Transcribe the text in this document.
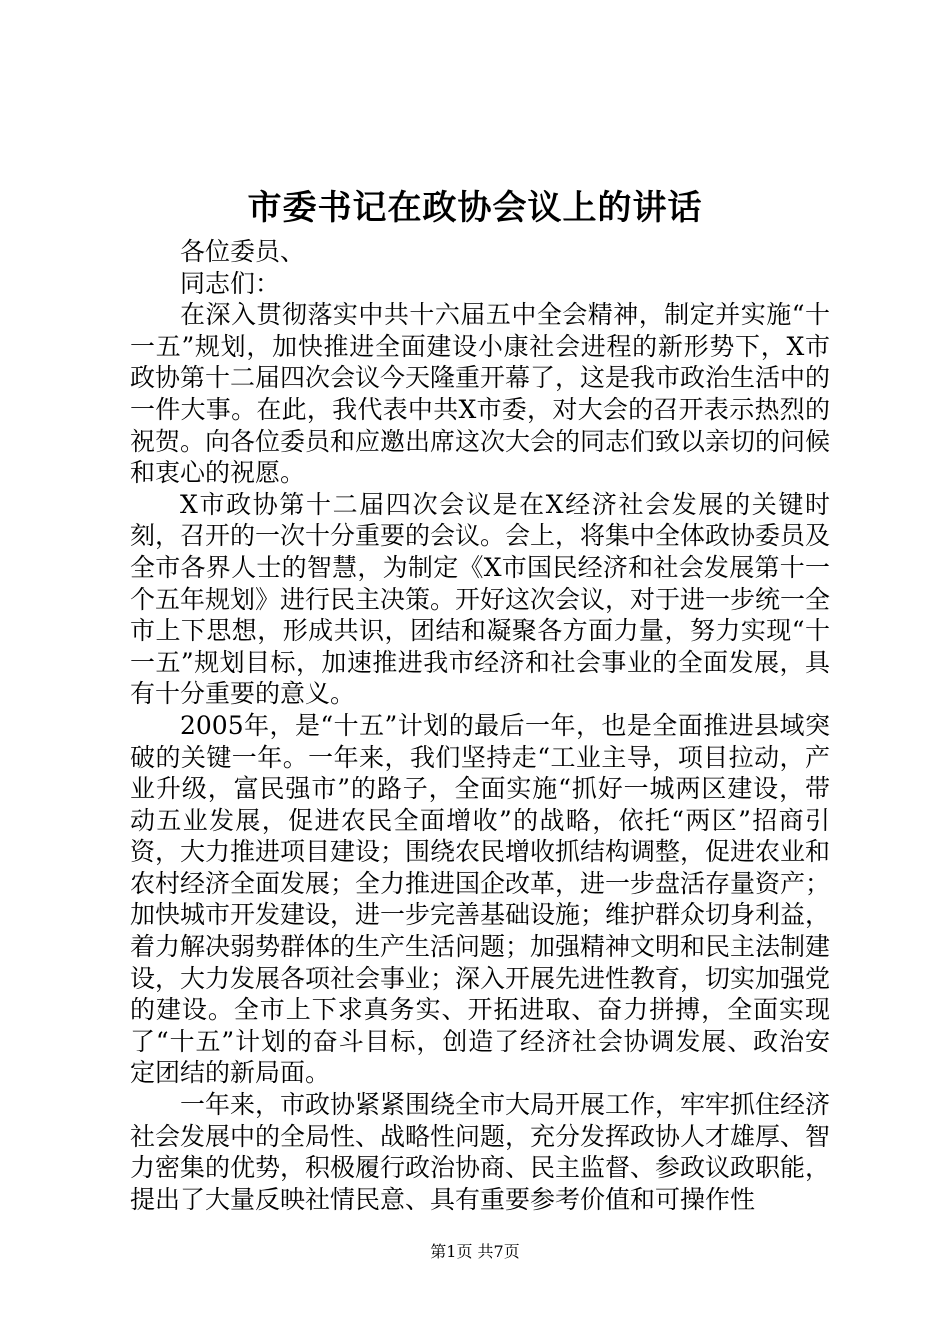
市委书记在政协会议上的讲话

各位委员、

同志们：

在深入贯彻落实中共十六届五中全会精神，制定并实施“十一五”规划，加快推进全面建设小康社会进程的新形势下，X市政协第十二届四次会议今天隆重开幕了，这是我市政治生活中的一件大事。在此，我代表中共X市委，对大会的召开表示热烈的祝贺。向各位委员和应邀出席这次大会的同志们致以亲切的问候和衷心的祝愿。

X市政协第十二届四次会议是在X经济社会发展的关键时刻，召开的一次十分重要的会议。会上，将集中全体政协委员及全市各界人士的智慧，为制定《X市国民经济和社会发展第十一个五年规划》进行民主决策。开好这次会议，对于进一步统一全市上下思想，形成共识，团结和凝聚各方面力量，努力实现“十一五”规划目标，加速推进我市经济和社会事业的全面发展，具有十分重要的意义。

2005年，是“十五”计划的最后一年，也是全面推进县域突破的关键一年。一年来，我们坚持走“工业主导，项目拉动，产业升级，富民强市”的路子，全面实施“抓好一城两区建设，带动五业发展，促进农民全面增收”的战略，依托“两区”招商引资，大力推进项目建设；围绕农民增收抓结构调整，促进农业和农村经济全面发展；全力推进国企改革，进一步盘活存量资产；加快城市开发建设，进一步完善基础设施；维护群众切身利益，着力解决弱势群体的生产生活问题；加强精神文明和民主法制建设，大力发展各项社会事业；深入开展先进性教育，切实加强党的建设。全市上下求真务实、开拓进取、奋力拼搏，全面实现了“十五”计划的奋斗目标，创造了经济社会协调发展、政治安定团结的新局面。

一年来，市政协紧紧围绕全市大局开展工作，牢牢抓住经济社会发展中的全局性、战略性问题，充分发挥政协人才雄厚、智力密集的优势，积极履行政治协商、民主监督、参政议政职能，提出了大量反映社情民意、具有重要参考价值和可操作性

第1页 共7页
